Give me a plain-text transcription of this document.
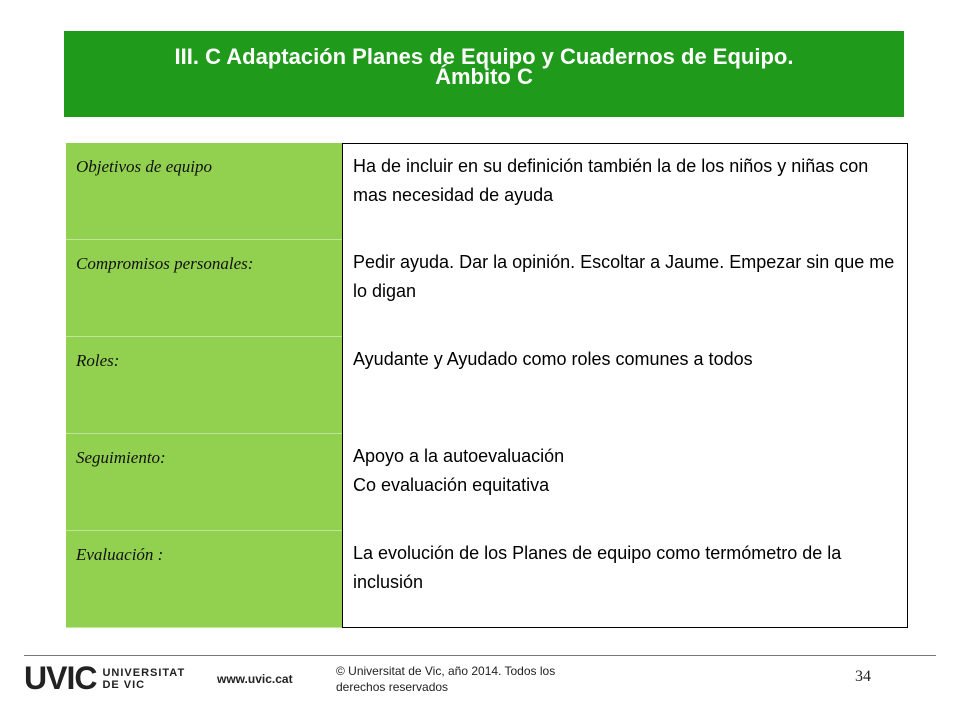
III. C Adaptación Planes de Equipo y Cuadernos de Equipo.
Ámbito C
Objetivos de equipo	Ha de incluir en su definición también la de los niños y niñas con mas necesidad de ayuda
Compromisos personales:	Pedir ayuda. Dar la opinión. Escoltar a Jaume. Empezar sin que me lo digan
Roles:	Ayudante y Ayudado como roles comunes a todos
Seguimiento:	Apoyo a la autoevaluación
Co evaluación equitativa
Evaluación :	La evolución de los Planes de equipo como termómetro de la inclusión
UVIC UNIVERSITAT
DE VIC	www.uvic.cat
© Universitat de Vic, año 2014. Todos los derechos reservados
34
